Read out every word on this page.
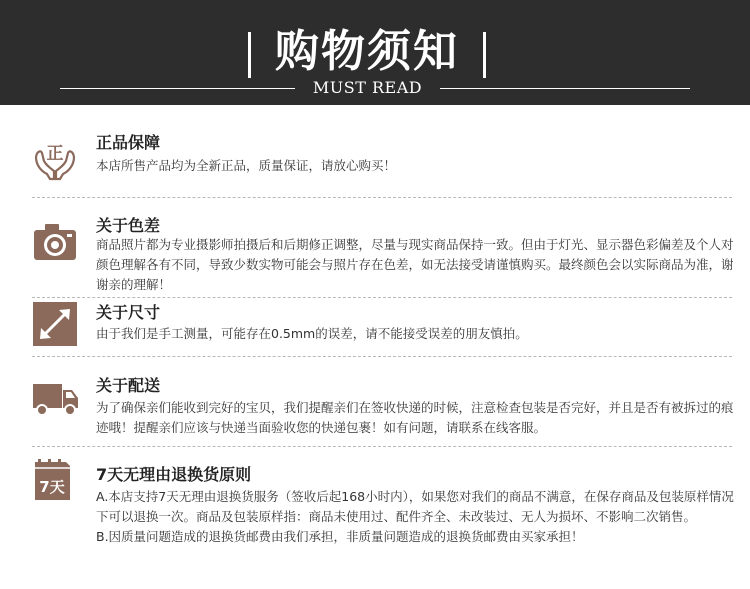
购物须知
MUST READ
正
正品保障

本店所售产品均为全新正品，质量保证，请放心购买！

关于色差

商品照片都为专业摄影师拍摄后和后期修正调整，尽量与现实商品保持一致。但由于灯光、显示器色彩偏差及个人对颜色理解各有不同，导致少数实物可能会与照片存在色差，如无法接受请谨慎购买。最终颜色会以实际商品为准，谢谢亲的理解！

关于尺寸

由于我们是手工测量，可能存在0.5mm的误差，请不能接受误差的朋友慎拍。

关于配送

为了确保亲们能收到完好的宝贝，我们提醒亲们在签收快递的时候，注意检查包装是否完好，并且是否有被拆过的痕迹哦！提醒亲们应该与快递当面验收您的快递包裹！如有问题，请联系在线客服。

7天
7天无理由退换货原则

A.本店支持7天无理由退换货服务（签收后起168小时内），如果您对我们的商品不满意，在保存商品及包装原样情况下可以退换一次。商品及包装原样指：商品未使用过、配件齐全、未改装过、无人为损坏、不影响二次销售。

B.因质量问题造成的退换货邮费由我们承担，非质量问题造成的退换货邮费由买家承担！
